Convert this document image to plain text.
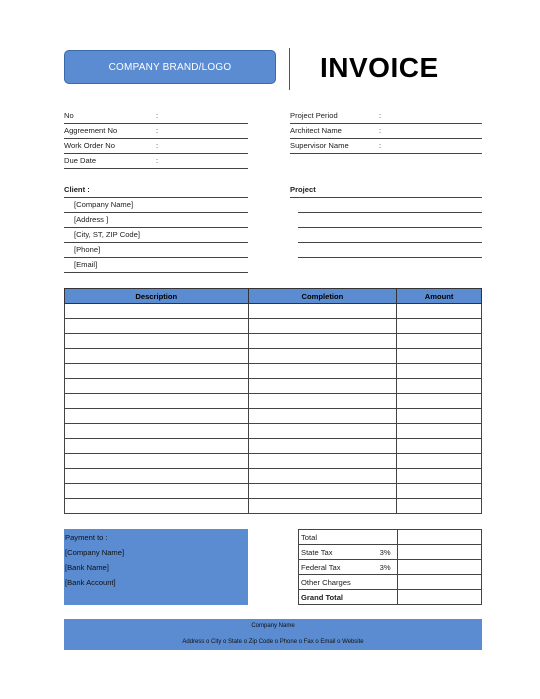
COMPANY BRAND/LOGO	INVOICE
No	:
Aggreement No	:
Work Order No	:
Due Date	:
Project Period	:
Architect Name	:
Supervisor Name	:
Client :
[Company Name]
[Address ]
[City, ST, ZIP Code]
[Phone]
[Email]
Project
Description	Completion	Amount

Payment to :
[Company Name]
[Bank Name]
[Bank Account]
Total		
State Tax	3%	
Federal Tax	3%	
Other Charges		
Grand Total		
Company Name
Address o City o State o Zip Code o Phone o Fax o Email o Website
